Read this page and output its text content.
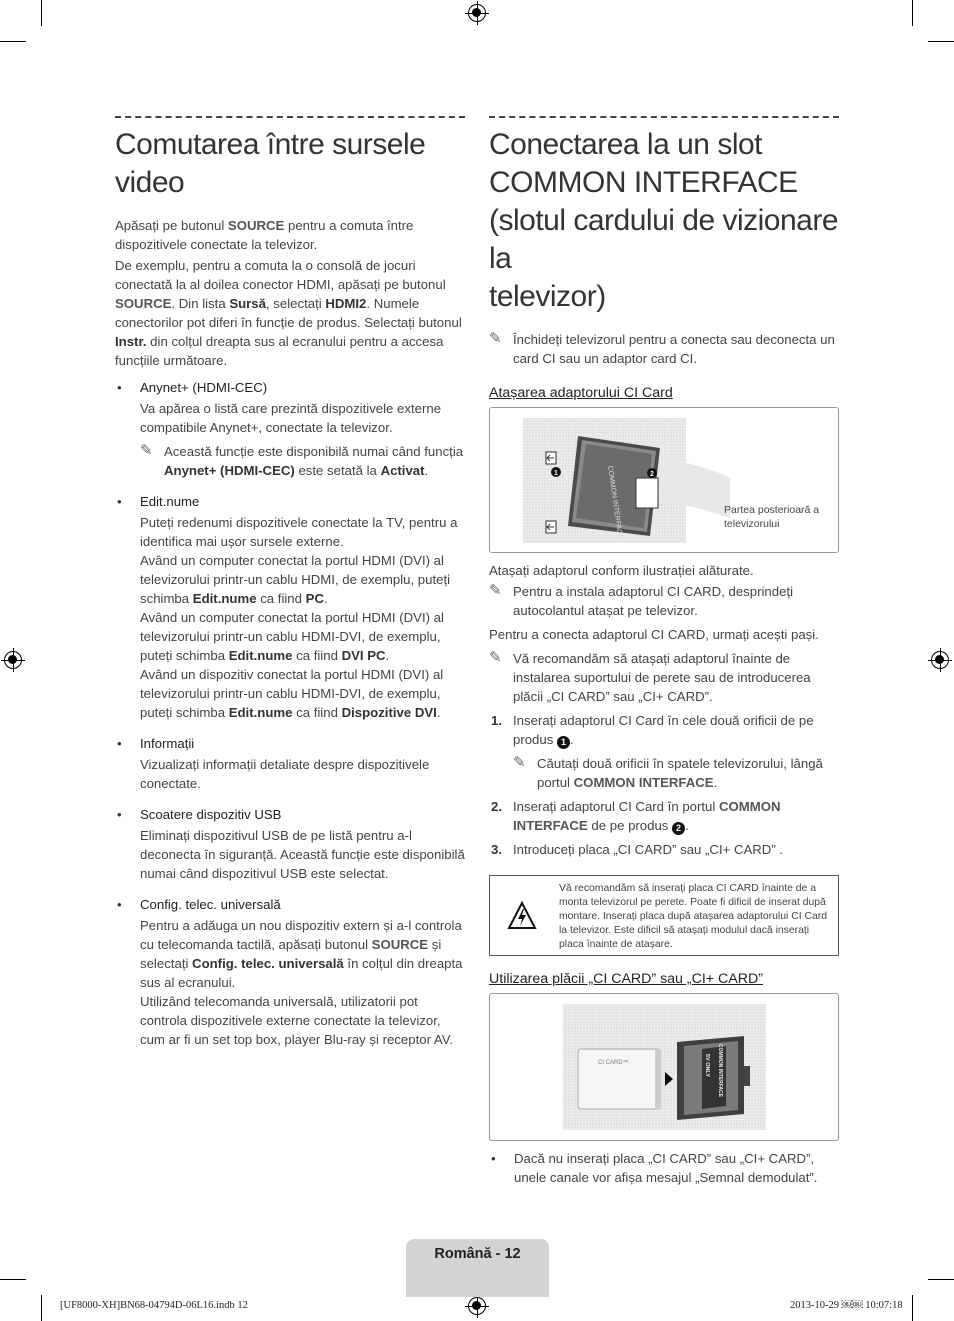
Comutarea între sursele video

Apăsați pe butonul SOURCE pentru a comuta între dispozitivele conectate la televizor.

De exemplu, pentru a comuta la o consolă de jocuri conectată la al doilea conector HDMI, apăsați pe butonul SOURCE. Din lista Sursă, selectați HDMI2. Numele conectorilor pot diferi în funcție de produs. Selectați butonul Instr. din colțul dreapta sus al ecranului pentru a accesa funcțiile următoare.

• Anynet+ (HDMI-CEC)

Va apărea o listă care prezintă dispozitivele externe compatibile Anynet+, conectate la televizor.

✎ Această funcție este disponibilă numai când funcția Anynet+ (HDMI-CEC) este setată la Activat.

• Edit.nume

Puteți redenumi dispozitivele conectate la TV, pentru a identifica mai ușor sursele externe.

Având un computer conectat la portul HDMI (DVI) al televizorului printr-un cablu HDMI, de exemplu, puteți schimba Edit.nume ca fiind PC.

Având un computer conectat la portul HDMI (DVI) al televizorului printr-un cablu HDMI-DVI, de exemplu, puteți schimba Edit.nume ca fiind DVI PC.

Având un dispozitiv conectat la portul HDMI (DVI) al televizorului printr-un cablu HDMI-DVI, de exemplu, puteți schimba Edit.nume ca fiind Dispozitive DVI.

• Informații

Vizualizați informații detaliate despre dispozitivele conectate.

• Scoatere dispozitiv USB

Eliminați dispozitivul USB de pe listă pentru a-l deconecta în siguranță. Această funcție este disponibilă numai când dispozitivul USB este selectat.

• Config. telec. universală

Pentru a adăuga un nou dispozitiv extern și a-l controla cu telecomanda tactilă, apăsați butonul SOURCE și selectați Config. telec. universală în colțul din dreapta sus al ecranului.

Utilizând telecomanda universală, utilizatorii pot controla dispozitivele externe conectate la televizor, cum ar fi un set top box, player Blu-ray și receptor AV.

Conectarea la un slot
COMMON INTERFACE
(slotul cardului de vizionare la
televizor)

✎ Închideți televizorul pentru a conecta sau deconecta un card CI sau un adaptor card CI.

Atașarea adaptorului CI Card
COMMON INTERFACE
1	2
Partea posterioară a televizorului

Atașați adaptorul conform ilustrației alăturate.

✎ Pentru a instala adaptorul CI CARD, desprindeți autocolantul atașat pe televizor.

Pentru a conecta adaptorul CI CARD, urmați acești pași.

✎ Vă recomandăm să atașați adaptorul înainte de instalarea suportului de perete sau de introducerea plăcii „CI CARD” sau „CI+ CARD”.

1. Inserați adaptorul CI Card în cele două orificii de pe produs 1 .

✎ Căutați două orificii în spatele televizorului, lângă portul COMMON INTERFACE.

2. Inserați adaptorul CI Card în portul COMMON INTERFACE de pe produs 2 .

3. Introduceți placa „CI CARD” sau „CI+ CARD” .

Vă recomandăm să inserați placa CI CARD înainte de a monta televizorul pe perete. Poate fi dificil de inserat după montare. Inserați placa după atașarea adaptorului CI Card la televizor. Este dificil să atașați modulul dacă inserați placa înainte de atașare.

Utilizarea plăcii „CI CARD” sau „CI+ CARD”
CI CARD™	5V ONLY COMMON INTERFACE
• Dacă nu inserați placa „CI CARD” sau „CI+ CARD”, unele canale vor afișa mesajul „Semnal demodulat”.
Română - 12
[UF8000-XH]BN68-04794D-06L16.indb 12	2013-10-29 ￼￼ 10:07:18
